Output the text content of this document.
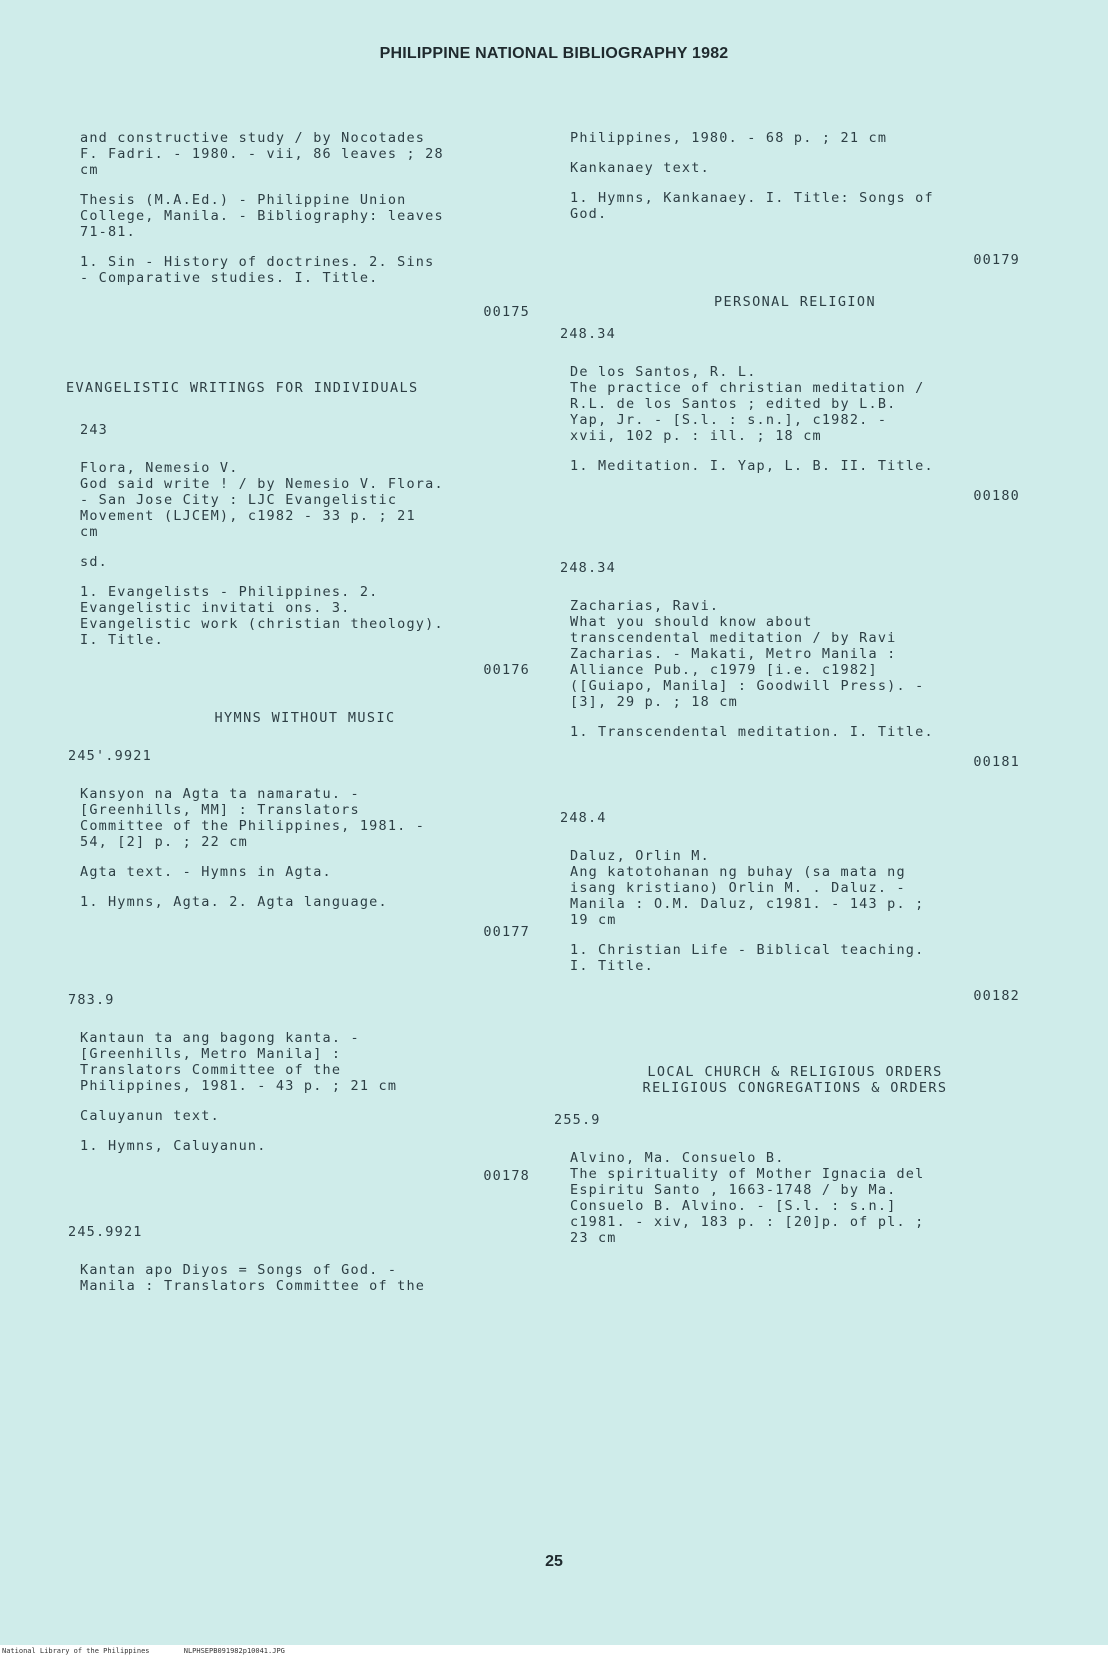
PHILIPPINE NATIONAL BIBLIOGRAPHY 1982
and constructive study / by Nocotades
F. Fadri. - 1980. - vii, 86 leaves ; 28
cm
Thesis (M.A.Ed.) - Philippine Union
College, Manila. - Bibliography: leaves
71-81.
1. Sin - History of doctrines. 2. Sins
- Comparative studies. I. Title.
00175
EVANGELISTIC WRITINGS FOR INDIVIDUALS
243
Flora, Nemesio V.
God said write ! / by Nemesio V. Flora.
- San Jose City : LJC Evangelistic
Movement (LJCEM), c1982 - 33 p. ; 21
cm
sd.
1. Evangelists - Philippines. 2.
Evangelistic invitati ons. 3.
Evangelistic work (christian theology).
I. Title.
00176
HYMNS WITHOUT MUSIC
245'.9921
Kansyon na Agta ta namaratu. -
[Greenhills, MM] : Translators
Committee of the Philippines, 1981. -
54, [2] p. ; 22 cm
Agta text. - Hymns in Agta.
1. Hymns, Agta. 2. Agta language.
00177
783.9
Kantaun ta ang bagong kanta. -
[Greenhills, Metro Manila] :
Translators Committee of the
Philippines, 1981. - 43 p. ; 21 cm
Caluyanun text.
1. Hymns, Caluyanun.
00178
245.9921
Kantan apo Diyos = Songs of God. -
Manila : Translators Committee of the
Philippines, 1980. - 68 p. ; 21 cm
Kankanaey text.
1. Hymns, Kankanaey. I. Title: Songs of
God.
00179
PERSONAL RELIGION
248.34
De los Santos, R. L.
The practice of christian meditation /
R.L. de los Santos ; edited by L.B.
Yap, Jr. - [S.l. : s.n.], c1982. -
xvii, 102 p. : ill. ; 18 cm
1. Meditation. I. Yap, L. B. II. Title.
00180
248.34
Zacharias, Ravi.
What you should know about
transcendental meditation / by Ravi
Zacharias. - Makati, Metro Manila :
Alliance Pub., c1979 [i.e. c1982]
([Guiapo, Manila] : Goodwill Press). -
[3], 29 p. ; 18 cm
1. Transcendental meditation. I. Title.
00181
248.4
Daluz, Orlin M.
Ang katotohanan ng buhay (sa mata ng
isang kristiano) Orlin M. . Daluz. -
Manila : O.M. Daluz, c1981. - 143 p. ;
19 cm
1. Christian Life - Biblical teaching.
I. Title.
00182
LOCAL CHURCH & RELIGIOUS ORDERS
RELIGIOUS CONGREGATIONS & ORDERS
255.9
Alvino, Ma. Consuelo B.
The spirituality of Mother Ignacia del
Espiritu Santo , 1663-1748 / by Ma.
Consuelo B. Alvino. - [S.l. : s.n.]
c1981. - xiv, 183 p. : [20]p. of pl. ;
23 cm
25
National Library of the Philippines	NLPHSEPB091982p10041.JPG
